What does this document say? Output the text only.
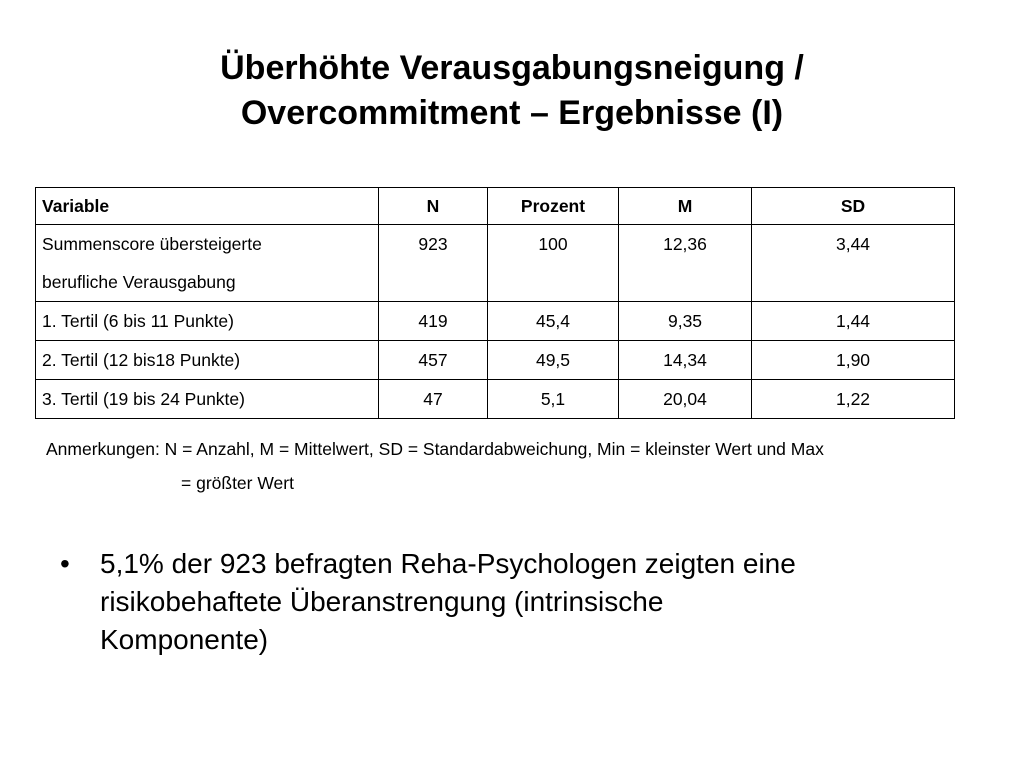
Überhöhte Verausgabungsneigung /
Overcommitment – Ergebnisse (I)
Variable	N	Prozent	M	SD
Summenscore übersteigerte
berufliche Verausgabung	923	100	12,36	3,44
1. Tertil (6 bis 11 Punkte)	419	45,4	9,35	1,44
2. Tertil (12 bis18 Punkte)	457	49,5	14,34	1,90
3. Tertil (19 bis 24 Punkte)	47	5,1	20,04	1,22
Anmerkungen: N = Anzahl, M = Mittelwert, SD = Standardabweichung, Min = kleinster Wert und Max
= größter Wert
• 5,1% der 923 befragten Reha-Psychologen zeigten eine
risikobehaftete Überanstrengung (intrinsische
Komponente)
